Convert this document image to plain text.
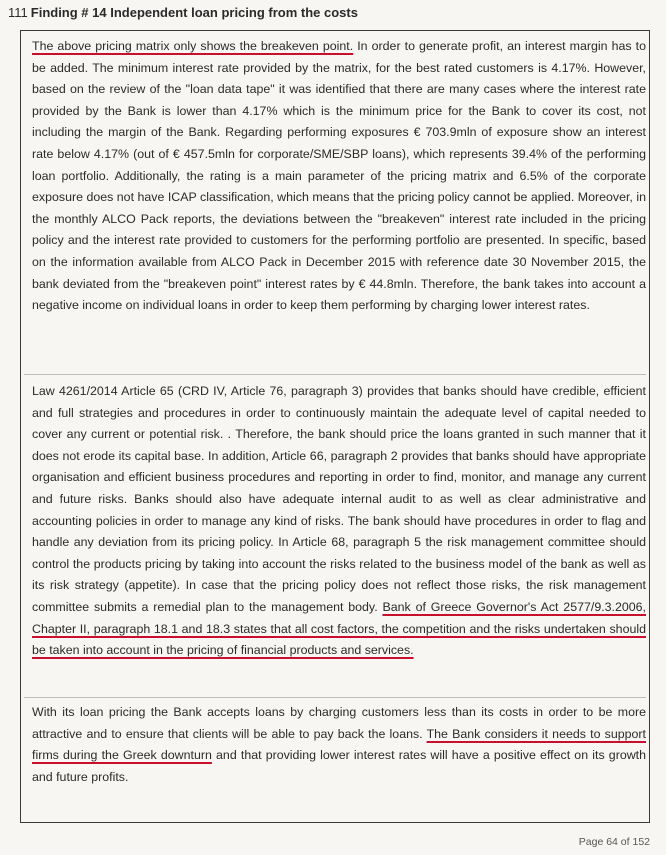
111 Finding # 14 Independent loan pricing from the costs
The above pricing matrix only shows the breakeven point. In order to generate profit, an interest margin has to be added. The minimum interest rate provided by the matrix, for the best rated customers is 4.17%. However, based on the review of the "loan data tape" it was identified that there are many cases where the interest rate provided by the Bank is lower than 4.17% which is the minimum price for the Bank to cover its cost, not including the margin of the Bank. Regarding performing exposures € 703.9mln of exposure show an interest rate below 4.17% (out of € 457.5mln for corporate/SME/SBP loans), which represents 39.4% of the performing loan portfolio. Additionally, the rating is a main parameter of the pricing matrix and 6.5% of the corporate exposure does not have ICAP classification, which means that the pricing policy cannot be applied. Moreover, in the monthly ALCO Pack reports, the deviations between the "breakeven" interest rate included in the pricing policy and the interest rate provided to customers for the performing portfolio are presented. In specific, based on the information available from ALCO Pack in December 2015 with reference date 30 November 2015, the bank deviated from the "breakeven point" interest rates by € 44.8mln. Therefore, the bank takes into account a negative income on individual loans in order to keep them performing by charging lower interest rates.
Law 4261/2014 Article 65 (CRD IV, Article 76, paragraph 3) provides that banks should have credible, efficient and full strategies and procedures in order to continuously maintain the adequate level of capital needed to cover any current or potential risk. . Therefore, the bank should price the loans granted in such manner that it does not erode its capital base. In addition, Article 66, paragraph 2 provides that banks should have appropriate organisation and efficient business procedures and reporting in order to find, monitor, and manage any current and future risks. Banks should also have adequate internal audit to as well as clear administrative and accounting policies in order to manage any kind of risks. The bank should have procedures in order to flag and handle any deviation from its pricing policy. In Article 68, paragraph 5 the risk management committee should control the products pricing by taking into account the risks related to the business model of the bank as well as its risk strategy (appetite). In case that the pricing policy does not reflect those risks, the risk management committee submits a remedial plan to the management body. Bank of Greece Governor's Act 2577/9.3.2006, Chapter II, paragraph 18.1 and 18.3 states that all cost factors, the competition and the risks undertaken should be taken into account in the pricing of financial products and services.
With its loan pricing the Bank accepts loans by charging customers less than its costs in order to be more attractive and to ensure that clients will be able to pay back the loans. The Bank considers it needs to support firms during the Greek downturn and that providing lower interest rates will have a positive effect on its growth and future profits.
Page 64 of 152
